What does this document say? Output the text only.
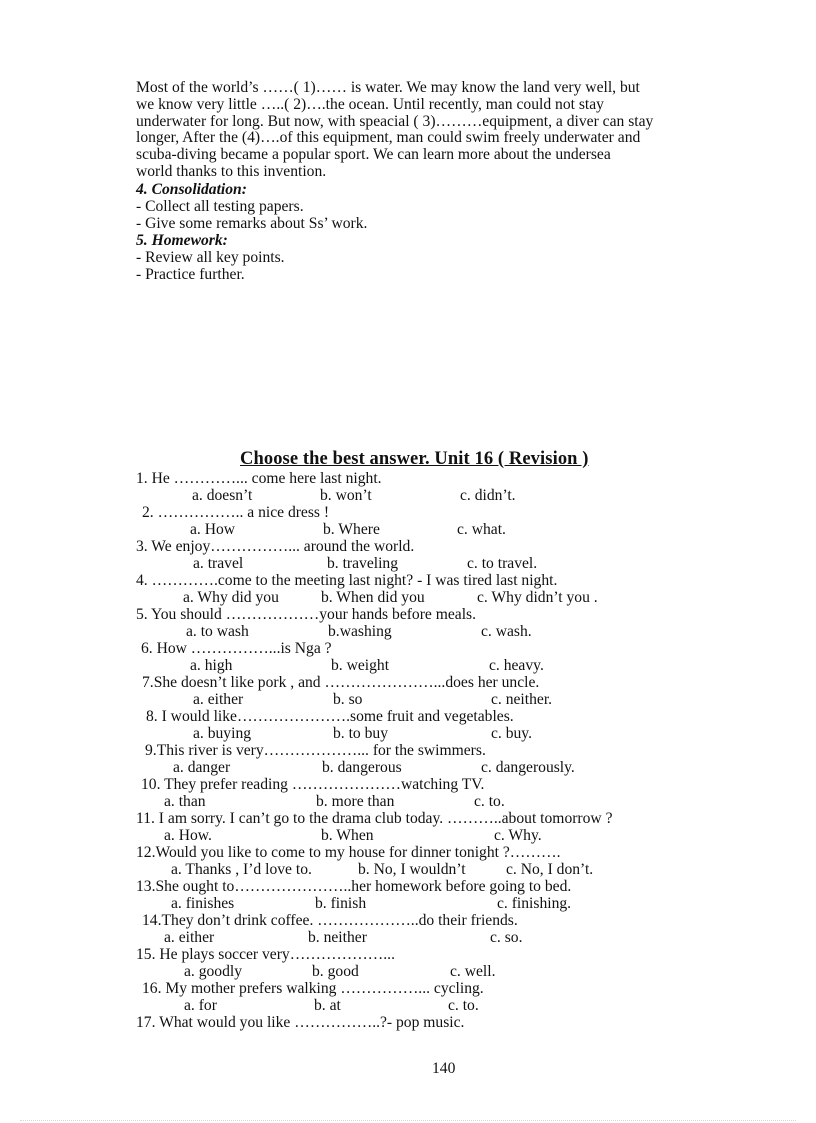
Most of the world’s ……( 1)…… is water. We may know the land very well, but
we know very little …..( 2)….the ocean. Until recently, man could not stay
underwater for long. But now, with speacial ( 3)………equipment, a diver can stay
longer, After the (4)….of this equipment, man could swim freely underwater and
scuba-diving became a popular sport. We can learn more about the undersea
world thanks to this invention.
4. Consolidation:
- Collect all testing papers.
- Give some remarks about Ss’ work.
5. Homework:
- Review all key points.
- Practice further.
Choose the best answer. Unit 16 ( Revision )
1. He …………... come here last night.
a. doesn’t	b. won’t	c. didn’t.
2. …………….. a nice dress !
a. How	b. Where	c. what.
3. We enjoy……………... around the world.
a. travel	b. traveling	c. to travel.
4. ………….come to the meeting last night? - I was tired last night.
a. Why did you	b. When did you	c. Why didn’t you .
5. You should ………………your hands before meals.
a. to wash	b.washing	c. wash.
6. How ……………...is Nga ?
a. high	b. weight	c. heavy.
7.She doesn’t like pork , and …………………...does her uncle.
a. either	b. so	c. neither.
8. I would like………………….some fruit and vegetables.
a. buying	b. to buy	c. buy.
9.This river is very………………... for the swimmers.
a. danger	b. dangerous	c. dangerously.
10. They prefer reading …………………watching TV.
a. than	b. more than	c. to.
11. I am sorry. I can’t go to the drama club today. ………..about tomorrow ?
a. How.	b. When	c. Why.
12.Would you like to come to my house for dinner tonight ?……….
a. Thanks , I’d love to.	b. No, I wouldn’t	c. No, I don’t.
13.She ought to…………………..her homework before going to bed.
a. finishes	b. finish	c. finishing.
14.They don’t drink coffee. ………………..do their friends.
a. either	b. neither	c. so.
15. He plays soccer very………………...
a. goodly	b. good	c. well.
16. My mother prefers walking ……………... cycling.
a. for	b. at	c. to.
17. What would you like ……………..?- pop music.
140
